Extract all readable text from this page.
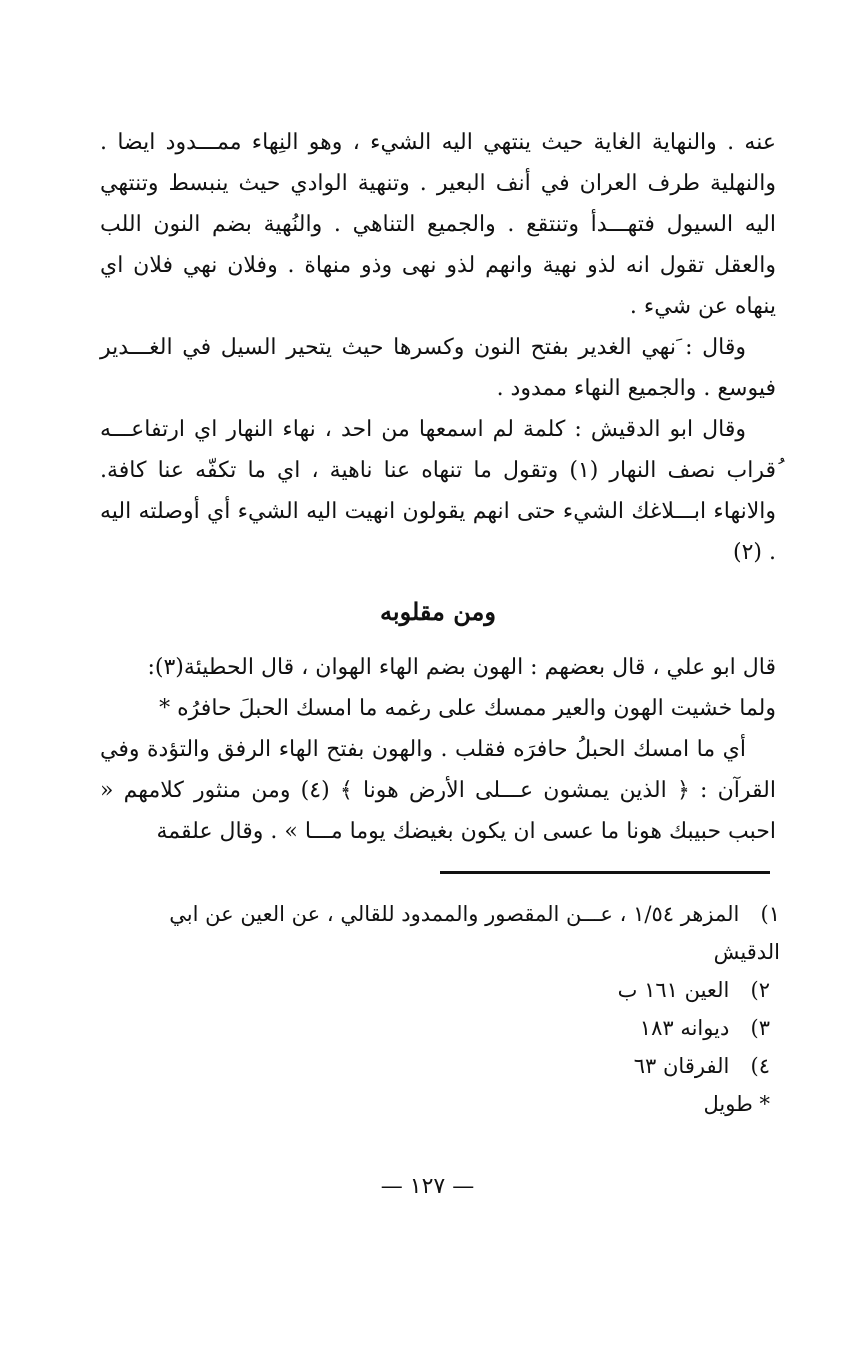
عنه . والنهاية الغاية حيث ينتهي اليه الشيء ، وهو النِهاء ممـــدود ايضا . والنهلية طرف العران في أنف البعير . وتنهية الوادي حيث ينبسط وتنتهي اليه السيول فتهـــدأ وتنتقع . والجميع التناهي . والنُهية بضم النون اللب والعقل تقول انه لذو نهية وانهم لذو نهى وذو منهاة . وفلان نهي فلان اي ينهاه عن شيء .

وقال : َنهي الغدير بفتح النون وكسرها حيث يتحير السيل في الغـــدير فيوسع . والجميع النهاء ممدود .

وقال ابو الدقيش : كلمة لم اسمعها من احد ، نهاء النهار اي ارتفاعـــه ُقراب نصف النهار (١) وتقول ما تنهاه عنا ناهية ، اي ما تكفّه عنا كافة. والانهاء ابـــلاغك الشيء حتى انهم يقولون انهيت اليه الشيء أي أوصلته اليه . (٢)

ومن مقلوبه

قال ابو علي ، قال بعضهم : الهون بضم الهاء الهوان ، قال الحطيئة(٣):

ولما خشيت الهون والعير ممسك على رغمه ما امسك الحبلَ حافرُه *

أي ما امسك الحبلُ حافرَه فقلب . والهون بفتح الهاء الرفق والتؤدة وفي القرآن : ﴿ الذين يمشون عـــلى الأرض هونا ﴾ (٤) ومن منثور كلامهم « احبب حبيبك هونا ما عسى ان يكون بغيضك يوما مـــا » . وقال علقمة

١) المزهر ١/٥٤ ، عـــن المقصور والممدود للقالي ، عن العين عن ابي الدقيش

٢) العين ١٦١ ب

٣) ديوانه ١٨٣

٤) الفرقان ٦٣

* طويل

— ١٢٧ —
